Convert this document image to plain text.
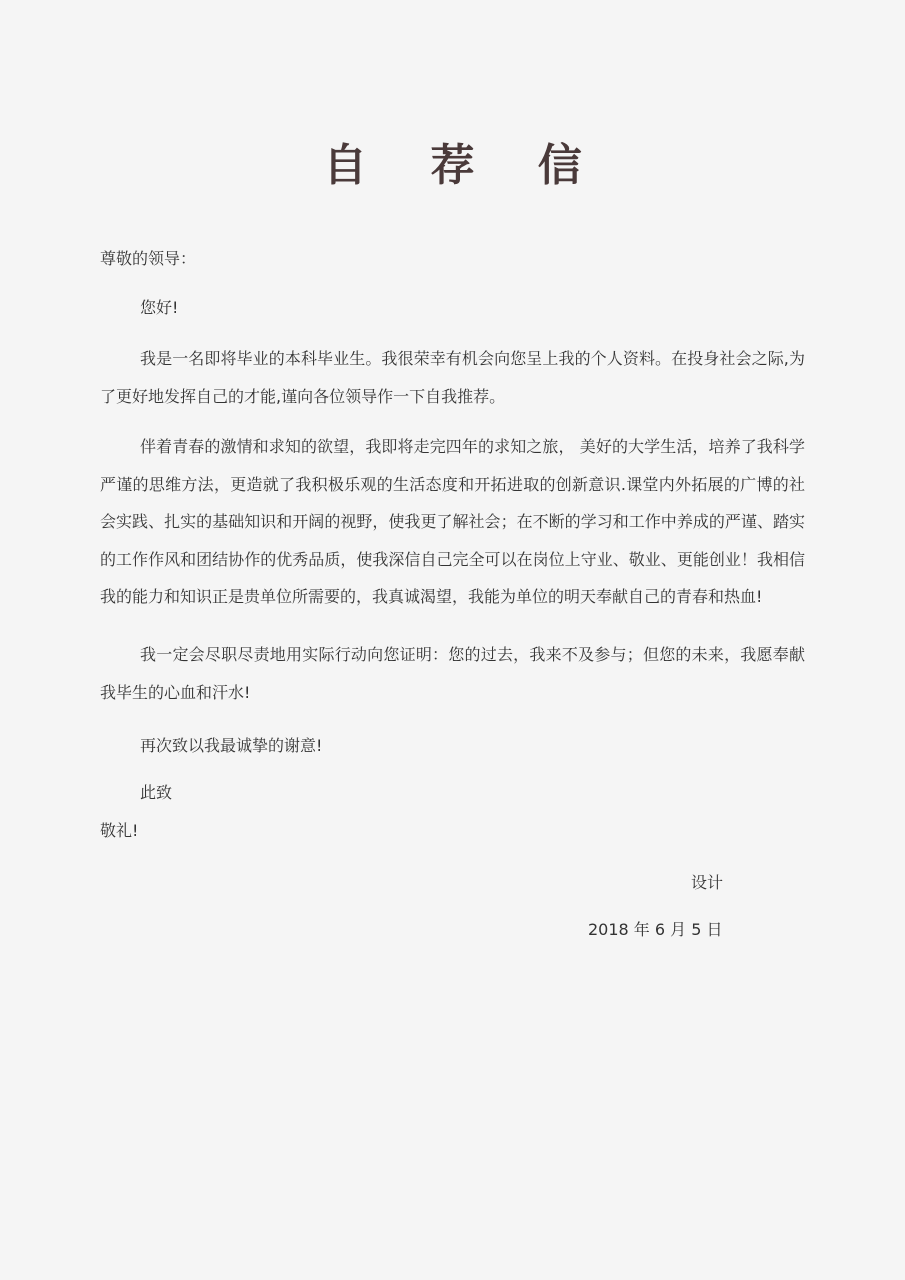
自 荐 信
尊敬的领导：
您好!

我是一名即将毕业的本科毕业生。我很荣幸有机会向您呈上我的个人资料。在投身社会之际,为了更好地发挥自己的才能,谨向各位领导作一下自我推荐。

伴着青春的激情和求知的欲望，我即将走完四年的求知之旅， 美好的大学生活，培养了我科学严谨的思维方法，更造就了我积极乐观的生活态度和开拓进取的创新意识.课堂内外拓展的广博的社会实践、扎实的基础知识和开阔的视野，使我更了解社会；在不断的学习和工作中养成的严谨、踏实的工作作风和团结协作的优秀品质，使我深信自己完全可以在岗位上守业、敬业、更能创业！我相信我的能力和知识正是贵单位所需要的，我真诚渴望，我能为单位的明天奉献自己的青春和热血!

我一定会尽职尽责地用实际行动向您证明：您的过去，我来不及参与；但您的未来，我愿奉献我毕生的心血和汗水!

再次致以我最诚挚的谢意!

此致
敬礼!
设计
2018 年 6 月 5 日
